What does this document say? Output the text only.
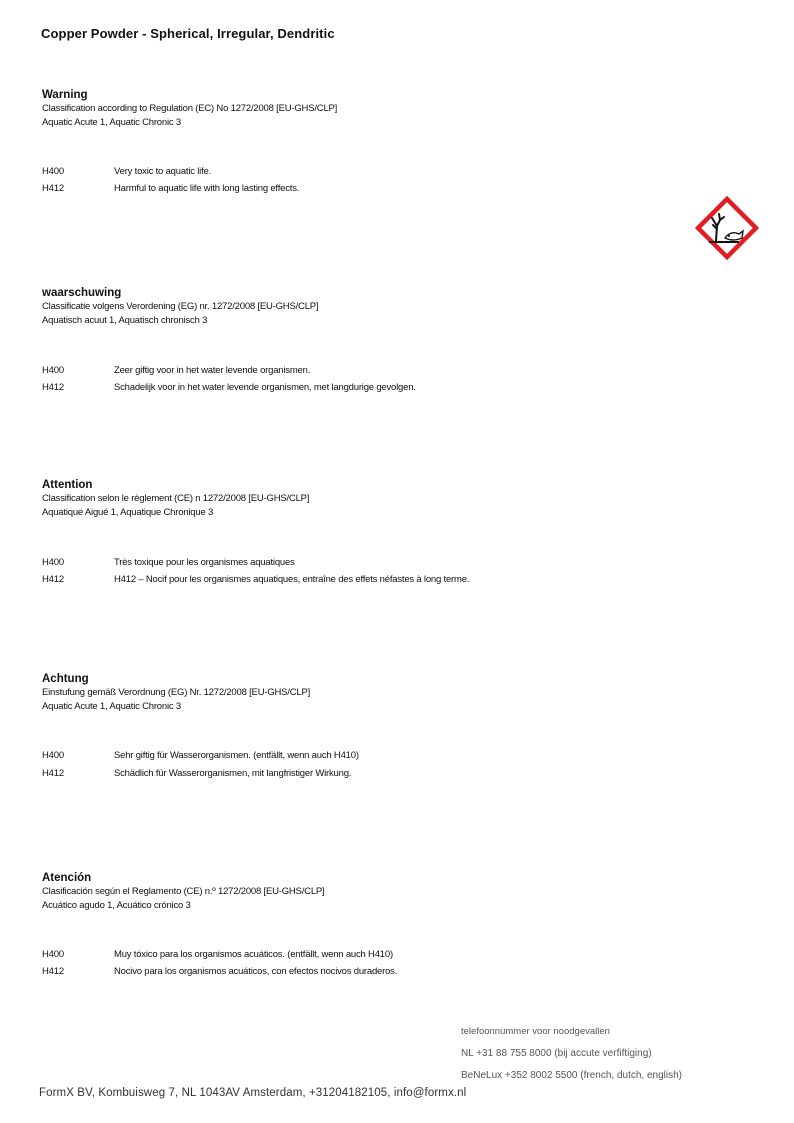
Copper Powder - Spherical, Irregular, Dendritic
Warning
Classification according to Regulation (EC) No 1272/2008 [EU-GHS/CLP]
Aquatic Acute 1, Aquatic Chronic 3
H400	Very toxic to aquatic life.
H412	Harmful to aquatic life with long lasting effects.
waarschuwing
Classificatie volgens Verordening (EG) nr. 1272/2008 [EU-GHS/CLP]
Aquatisch acuut 1, Aquatisch chronisch 3
H400	Zeer giftig voor in het water levende organismen.
H412	Schadelijk voor in het water levende organismen, met langdurige gevolgen.
Attention
Classification selon le règlement (CE) n 1272/2008 [EU-GHS/CLP]
Aquatique Aigué 1, Aquatique Chronique 3
H400	Très toxique pour les organismes aquatiques
H412	H412 – Nocif pour les organismes aquatiques, entraîne des effets néfastes à long terme.
Achtung
Einstufung gemäß Verordnung (EG) Nr. 1272/2008 [EU-GHS/CLP]
Aquatic Acute 1, Aquatic Chronic 3
H400	Sehr giftig für Wasserorganismen. (entfällt, wenn auch H410)
H412	Schädlich für Wasserorganismen, mit langfristiger Wirkung.
Atención
Clasificación según el Reglamento (CE) n.º 1272/2008 [EU-GHS/CLP]
Acuático agudo 1, Acuático crónico 3
H400	Muy tóxico para los organismos acuáticos. (entfällt, wenn auch H410)
H412	Nocivo para los organismos acuáticos, con efectos nocivos duraderos.
telefoonnummer voor noodgevallen
NL +31 88 755 8000 (bij accute verfiftiging)
BeNeLux +352 8002 5500 (french, dutch, english)
FormX BV, Kombuisweg 7, NL 1043AV Amsterdam, +31204182105, info@formx.nl
